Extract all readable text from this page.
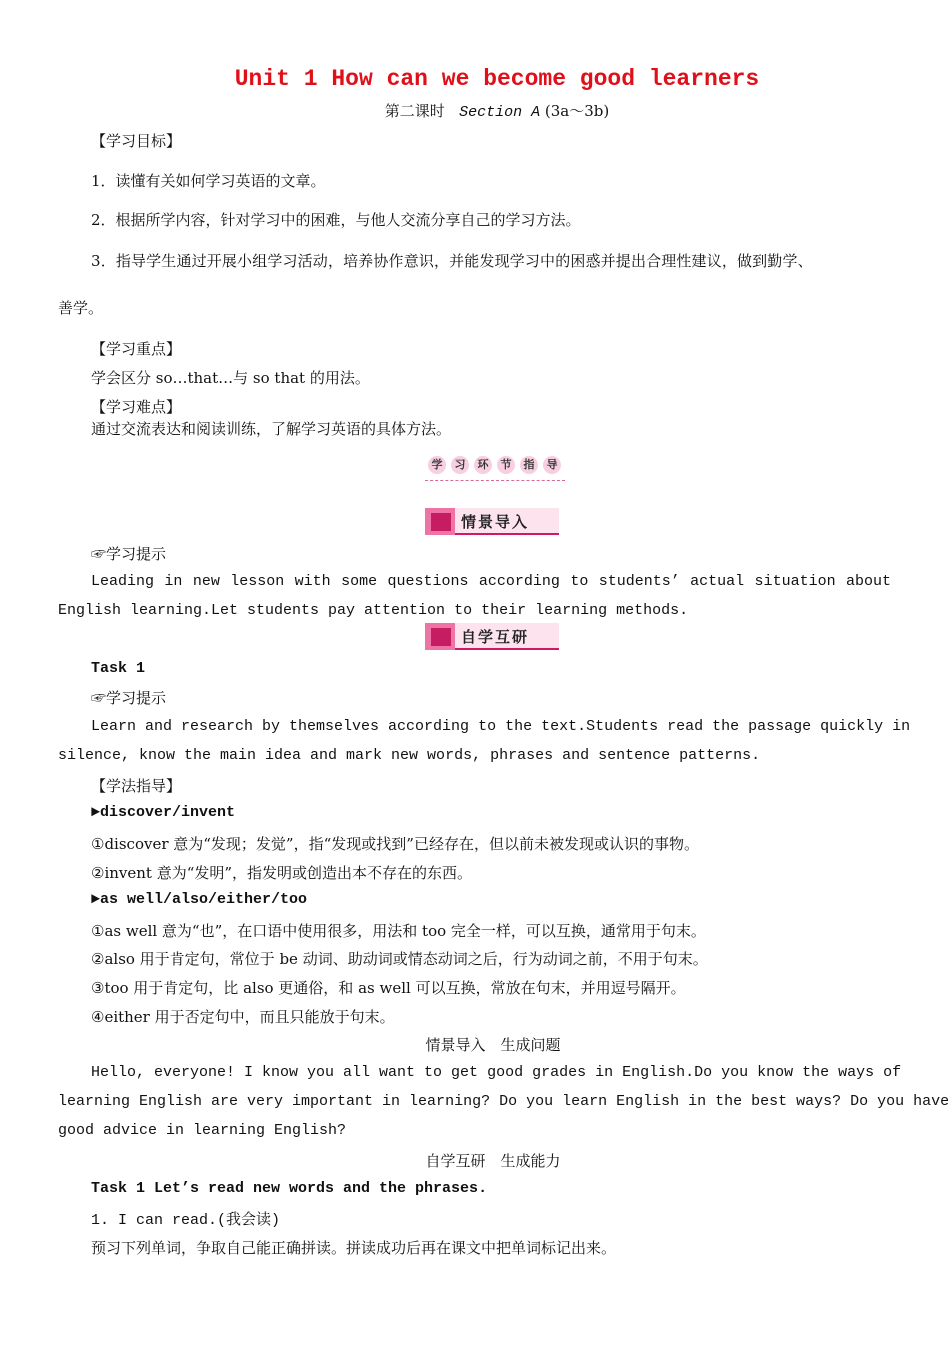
Unit 1 How can we become good learners
第二课时 Section A (3a～3b)
【学习目标】
1．读懂有关如何学习英语的文章。
2．根据所学内容，针对学习中的困难，与他人交流分享自己的学习方法。
3．指导学生通过开展小组学习活动，培养协作意识，并能发现学习中的困惑并提出合理性建议，做到勤学、
善学。
【学习重点】
学会区分 so…that…与 so that 的用法。
【学习难点】
通过交流表达和阅读训练，了解学习英语的具体方法。
学	习	环	节	指	导
情景导入
☞学习提示
Leading in new lesson with some questions according to students’ actual situation about
English learning.Let students pay attention to their learning methods.
自学互研
Task 1
☞学习提示
Learn and research by themselves according to the text.Students read the passage quickly in
silence, know the main idea and mark new words, phrases and sentence patterns.
【学法指导】
►discover/invent
①discover 意为“发现；发觉”，指“发现或找到”已经存在，但以前未被发现或认识的事物。
②invent 意为“发明”，指发明或创造出本不存在的东西。
►as well/also/either/too
①as well 意为“也”，在口语中使用很多，用法和 too 完全一样，可以互换，通常用于句末。
②also 用于肯定句，常位于 be 动词、助动词或情态动词之后，行为动词之前，不用于句末。
③too 用于肯定句，比 also 更通俗，和 as well 可以互换，常放在句末，并用逗号隔开。
④either 用于否定句中，而且只能放于句末。
情景导入　生成问题
Hello, everyone! I know you all want to get good grades in English.Do you know the ways of
learning English are very important in learning? Do you learn English in the best ways? Do you have
good advice in learning English?
自学互研　生成能力
Task 1 Let’s read new words and the phrases.
1. I can read.(我会读)
预习下列单词，争取自己能正确拼读。拼读成功后再在课文中把单词标记出来。
